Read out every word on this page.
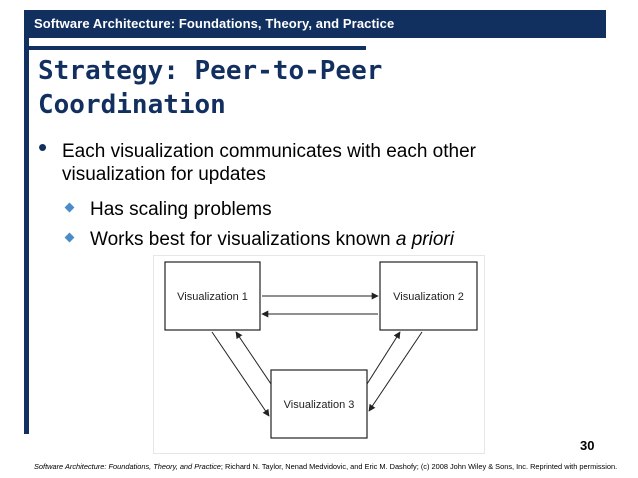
Software Architecture: Foundations, Theory, and Practice
Strategy: Peer-to-Peer Coordination
• Each visualization communicates with each other visualization for updates
Has scaling problems
Works best for visualizations known a priori
Visualization 1	Visualization 2
Visualization 3
30
Software Architecture: Foundations, Theory, and Practice; Richard N. Taylor, Nenad Medvidovic, and Eric M. Dashofy; (c) 2008 John Wiley & Sons, Inc. Reprinted with permission.
